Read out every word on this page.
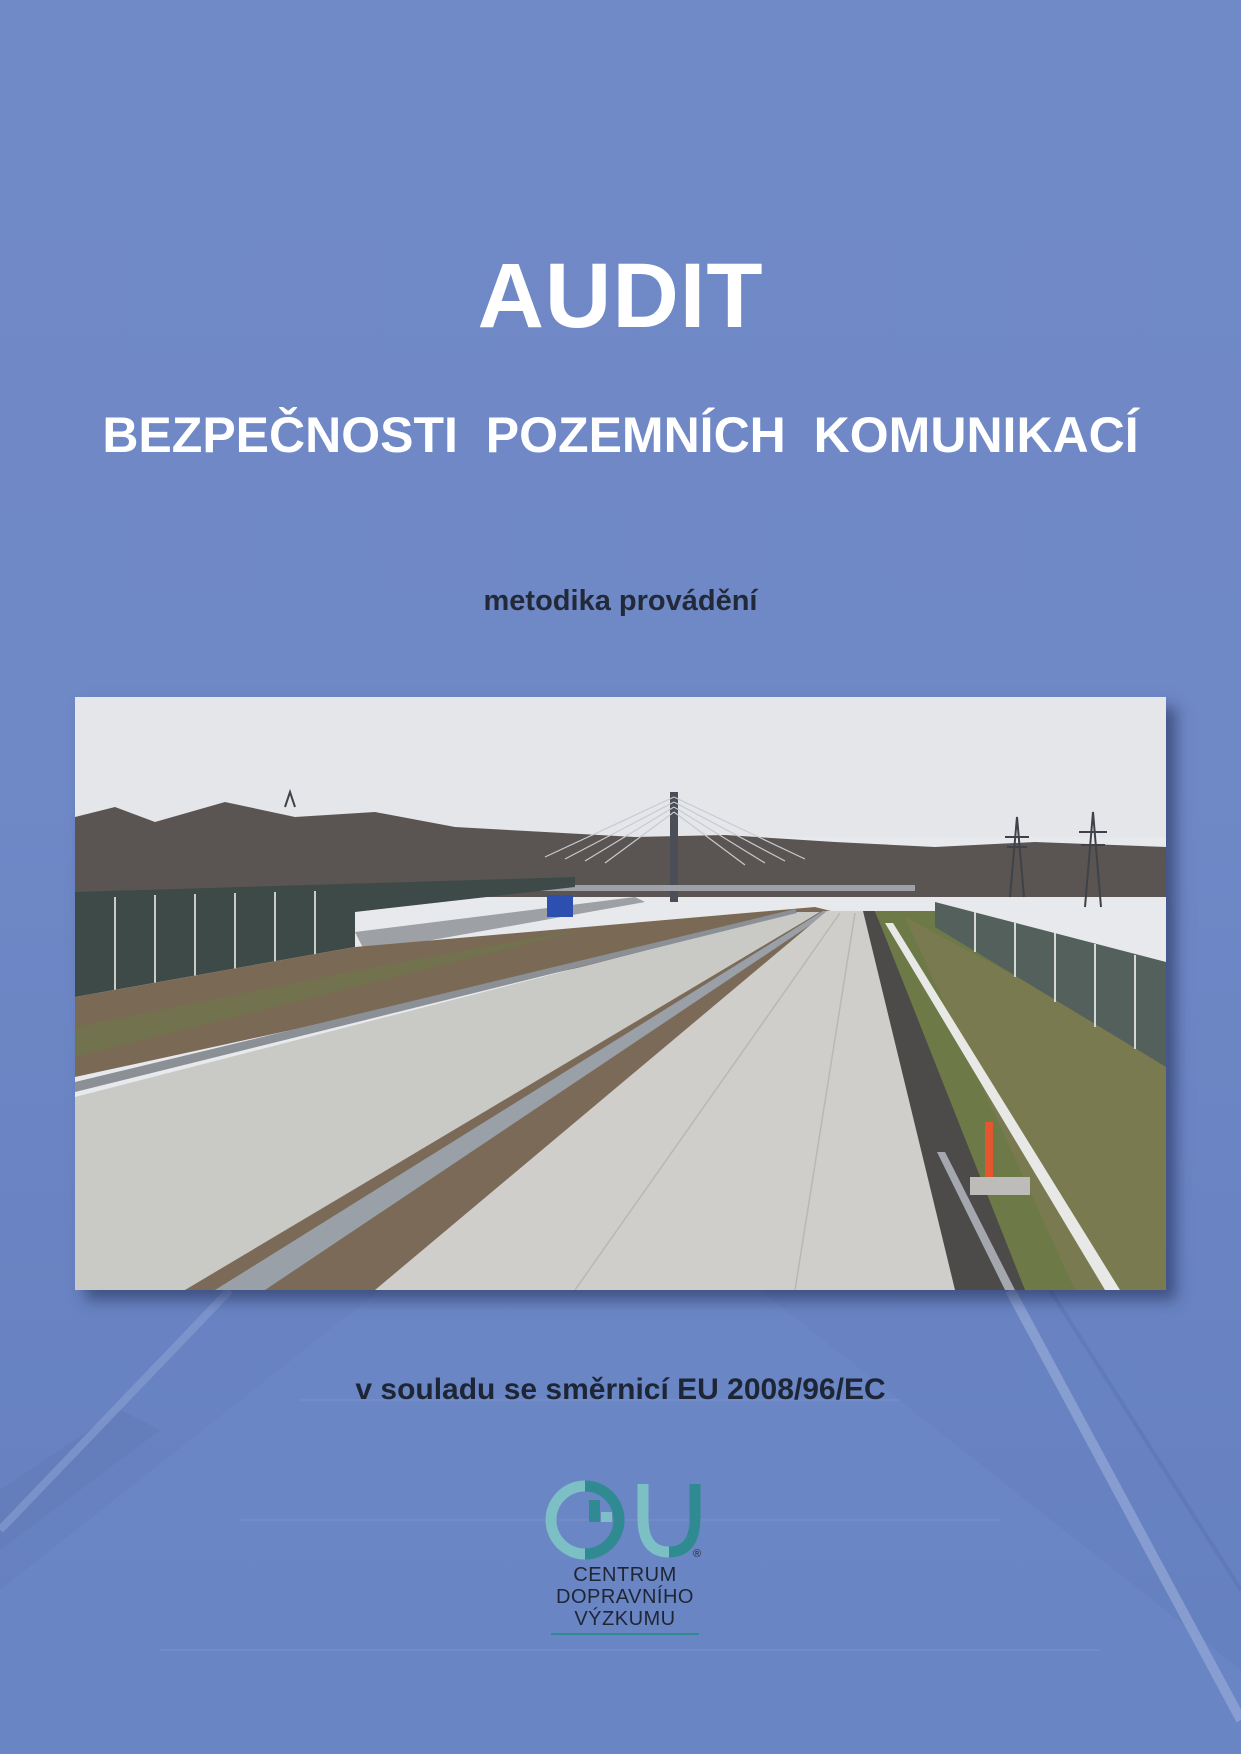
AUDIT
BEZPEČNOSTI POZEMNÍCH KOMUNIKACÍ

metodika provádění

v souladu se směrnicí EU 2008/96/EC

®
CENTRUM
DOPRAVNÍHO
VÝZKUMU
